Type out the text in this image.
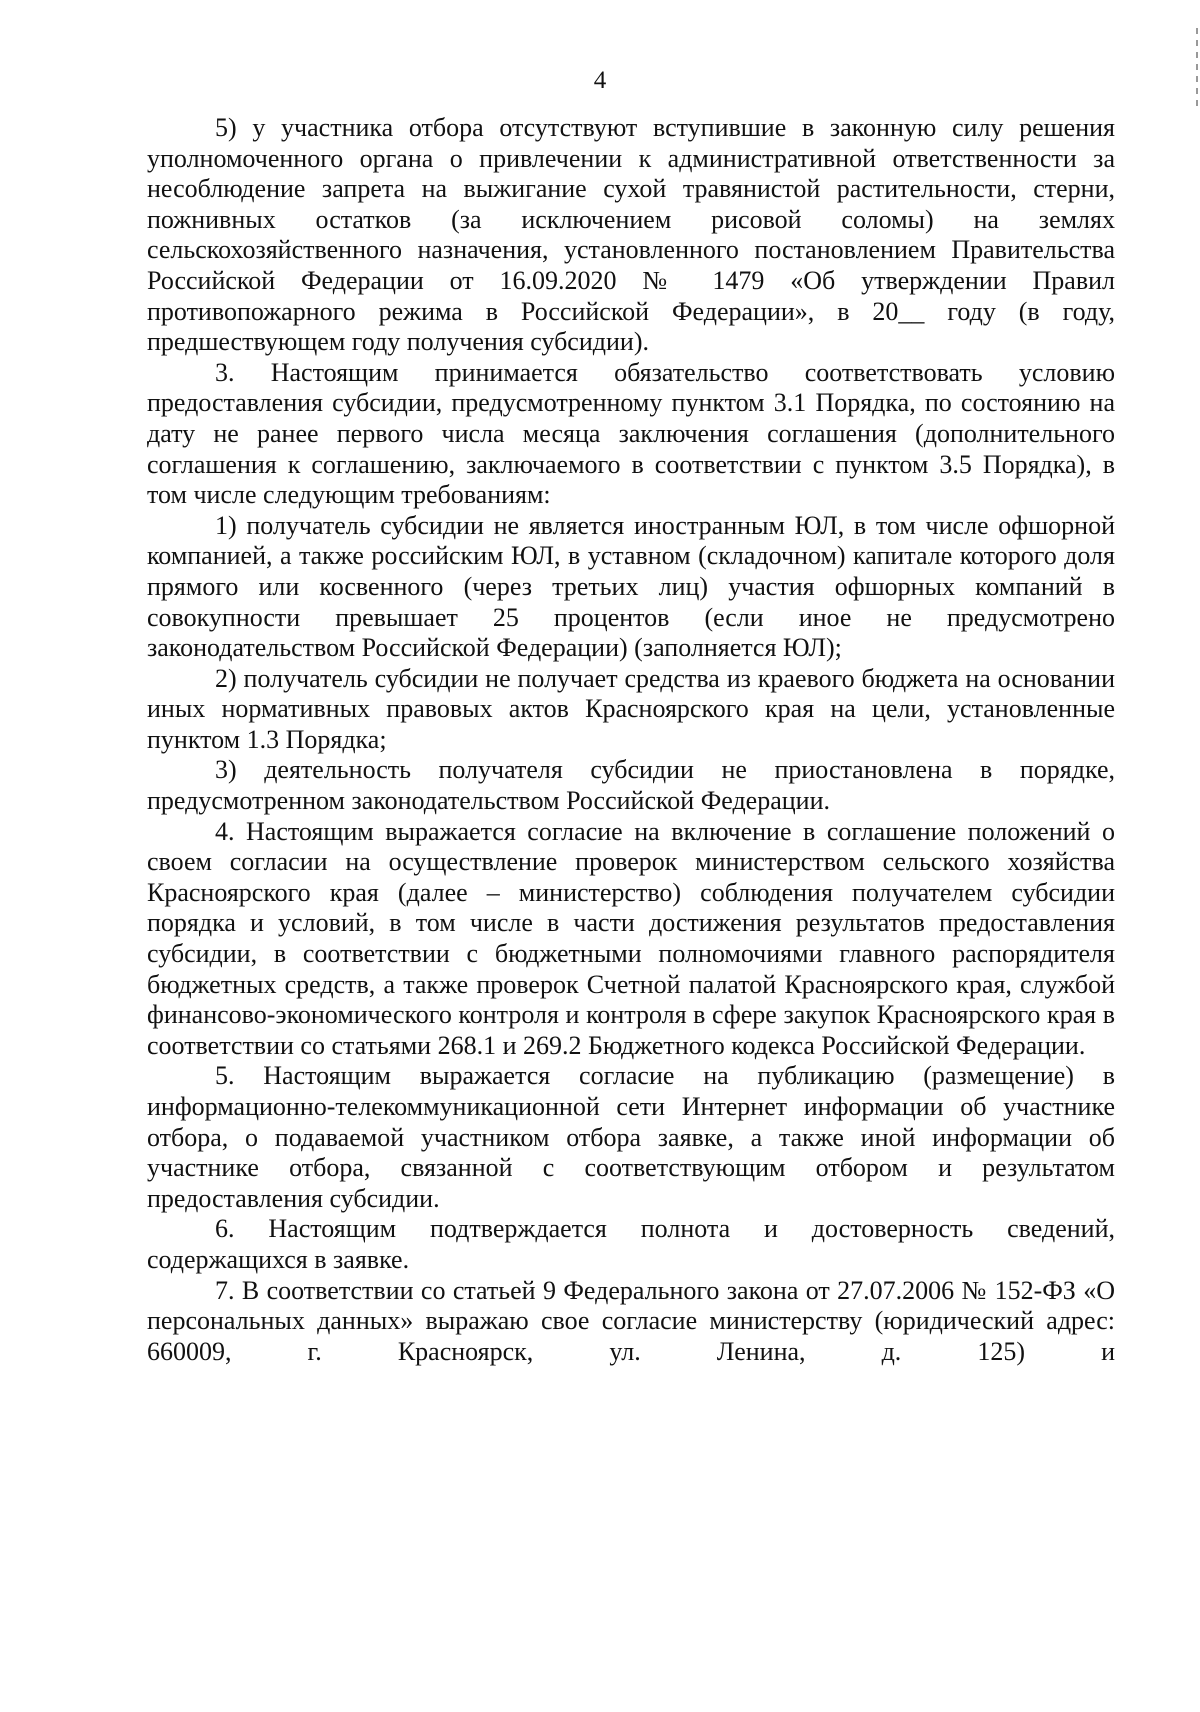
4

5) у участника отбора отсутствуют вступившие в законную силу решения уполномоченного органа о привлечении к административной ответственности за несоблюдение запрета на выжигание сухой травянистой растительности, стерни, пожнивных остатков (за исключением рисовой соломы) на землях сельскохозяйственного назначения, установленного постановлением Правительства Российской Федерации от 16.09.2020 № 1479 «Об утверждении Правил противопожарного режима в Российской Федерации», в 20__ году (в году, предшествующем году получения субсидии).

3. Настоящим принимается обязательство соответствовать условию предоставления субсидии, предусмотренному пунктом 3.1 Порядка, по состоянию на дату не ранее первого числа месяца заключения соглашения (дополнительного соглашения к соглашению, заключаемого в соответствии с пунктом 3.5 Порядка), в том числе следующим требованиям:

1) получатель субсидии не является иностранным ЮЛ, в том числе офшорной компанией, а также российским ЮЛ, в уставном (складочном) капитале которого доля прямого или косвенного (через третьих лиц) участия офшорных компаний в совокупности превышает 25 процентов (если иное не предусмотрено законодательством Российской Федерации) (заполняется ЮЛ);

2) получатель субсидии не получает средства из краевого бюджета на основании иных нормативных правовых актов Красноярского края на цели, установленные пунктом 1.3 Порядка;

3) деятельность получателя субсидии не приостановлена в порядке, предусмотренном законодательством Российской Федерации.

4. Настоящим выражается согласие на включение в соглашение положений о своем согласии на осуществление проверок министерством сельского хозяйства Красноярского края (далее – министерство) соблюдения получателем субсидии порядка и условий, в том числе в части достижения результатов предоставления субсидии, в соответствии с бюджетными полномочиями главного распорядителя бюджетных средств, а также проверок Счетной палатой Красноярского края, службой финансово-экономического контроля и контроля в сфере закупок Красноярского края в соответствии со статьями 268.1 и 269.2 Бюджетного кодекса Российской Федерации.

5. Настоящим выражается согласие на публикацию (размещение) в информационно-телекоммуникационной сети Интернет информации об участнике отбора, о подаваемой участником отбора заявке, а также иной информации об участнике отбора, связанной с соответствующим отбором и результатом предоставления субсидии.

6. Настоящим подтверждается полнота и достоверность сведений, содержащихся в заявке.

7. В соответствии со статьей 9 Федерального закона от 27.07.2006 № 152-ФЗ «О персональных данных» выражаю свое согласие министерству (юридический адрес: 660009, г. Красноярск, ул. Ленина, д. 125) и
